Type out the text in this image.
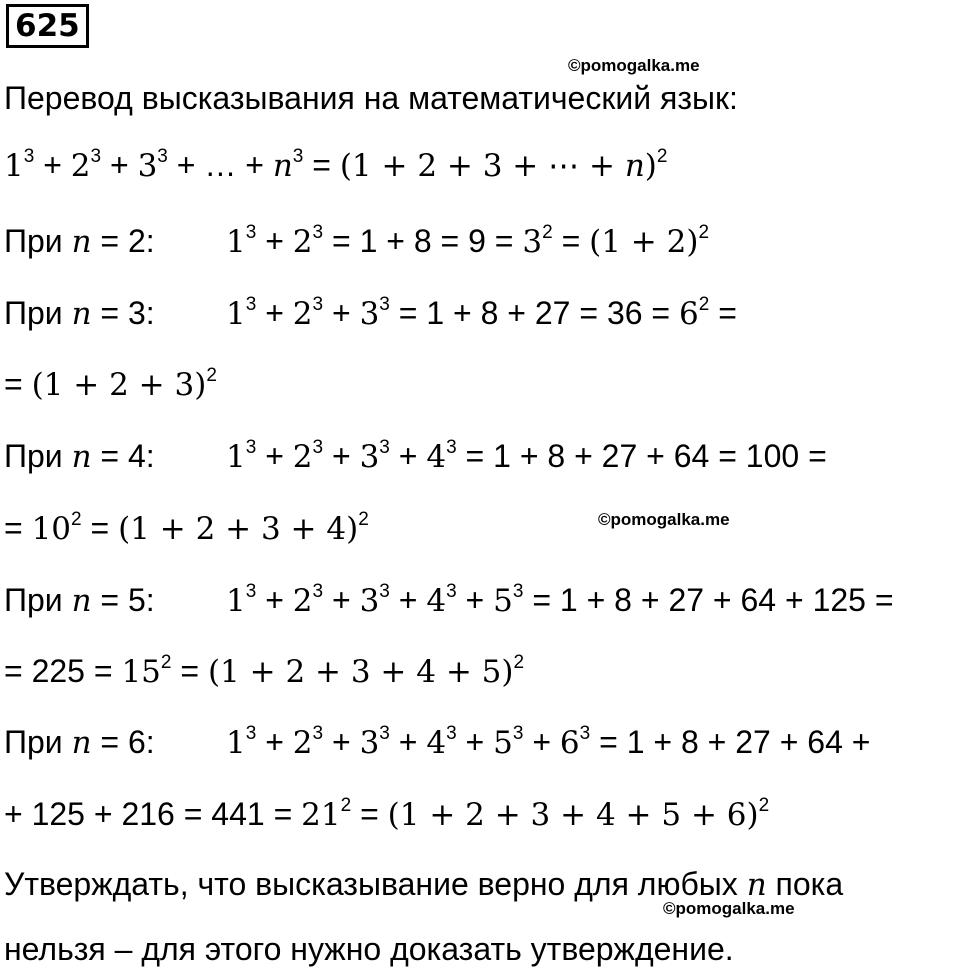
625
©pomogalka.me
©pomogalka.me
©pomogalka.me
Перевод высказывания на математический язык:
$1^3 + 2^3 + 3^3$ + … + $n^3 = (1 + 2 + 3$ + ⋯ + n)$^2$
При n = 2: $1^3 + 2^3 = 1 + 8 = 9 = 3^2 = (1 + 2)^2$
При n = 3: $1^3 + 2^3 + 3^3 = 1 + 8 + 27 = 36 = 6^2$ =
= $(1 + 2 + 3)^2$
При n = 4: $1^3 + 2^3 + 3^3 + 4^3 = 1 + 8 + 27 + 64 = 100$ =
= $10^2 = (1 + 2 + 3 + 4)^2$
При n = 5: $1^3 + 2^3 + 3^3 + 4^3 + 5^3 = 1 + 8 + 27 + 64 + 125$ =
= $225 = 15^2 = (1 + 2 + 3 + 4 + 5)^2$
При n = 6: $1^3 + 2^3 + 3^3 + 4^3 + 5^3 + 6^3 = 1 + 8 + 27 + 64$ +
+ $125 + 216 = 441 = 21^2 = (1 + 2 + 3 + 4 + 5 + 6)^2$
Утверждать, что высказывание верно для любых n пока
нельзя – для этого нужно доказать утверждение.
